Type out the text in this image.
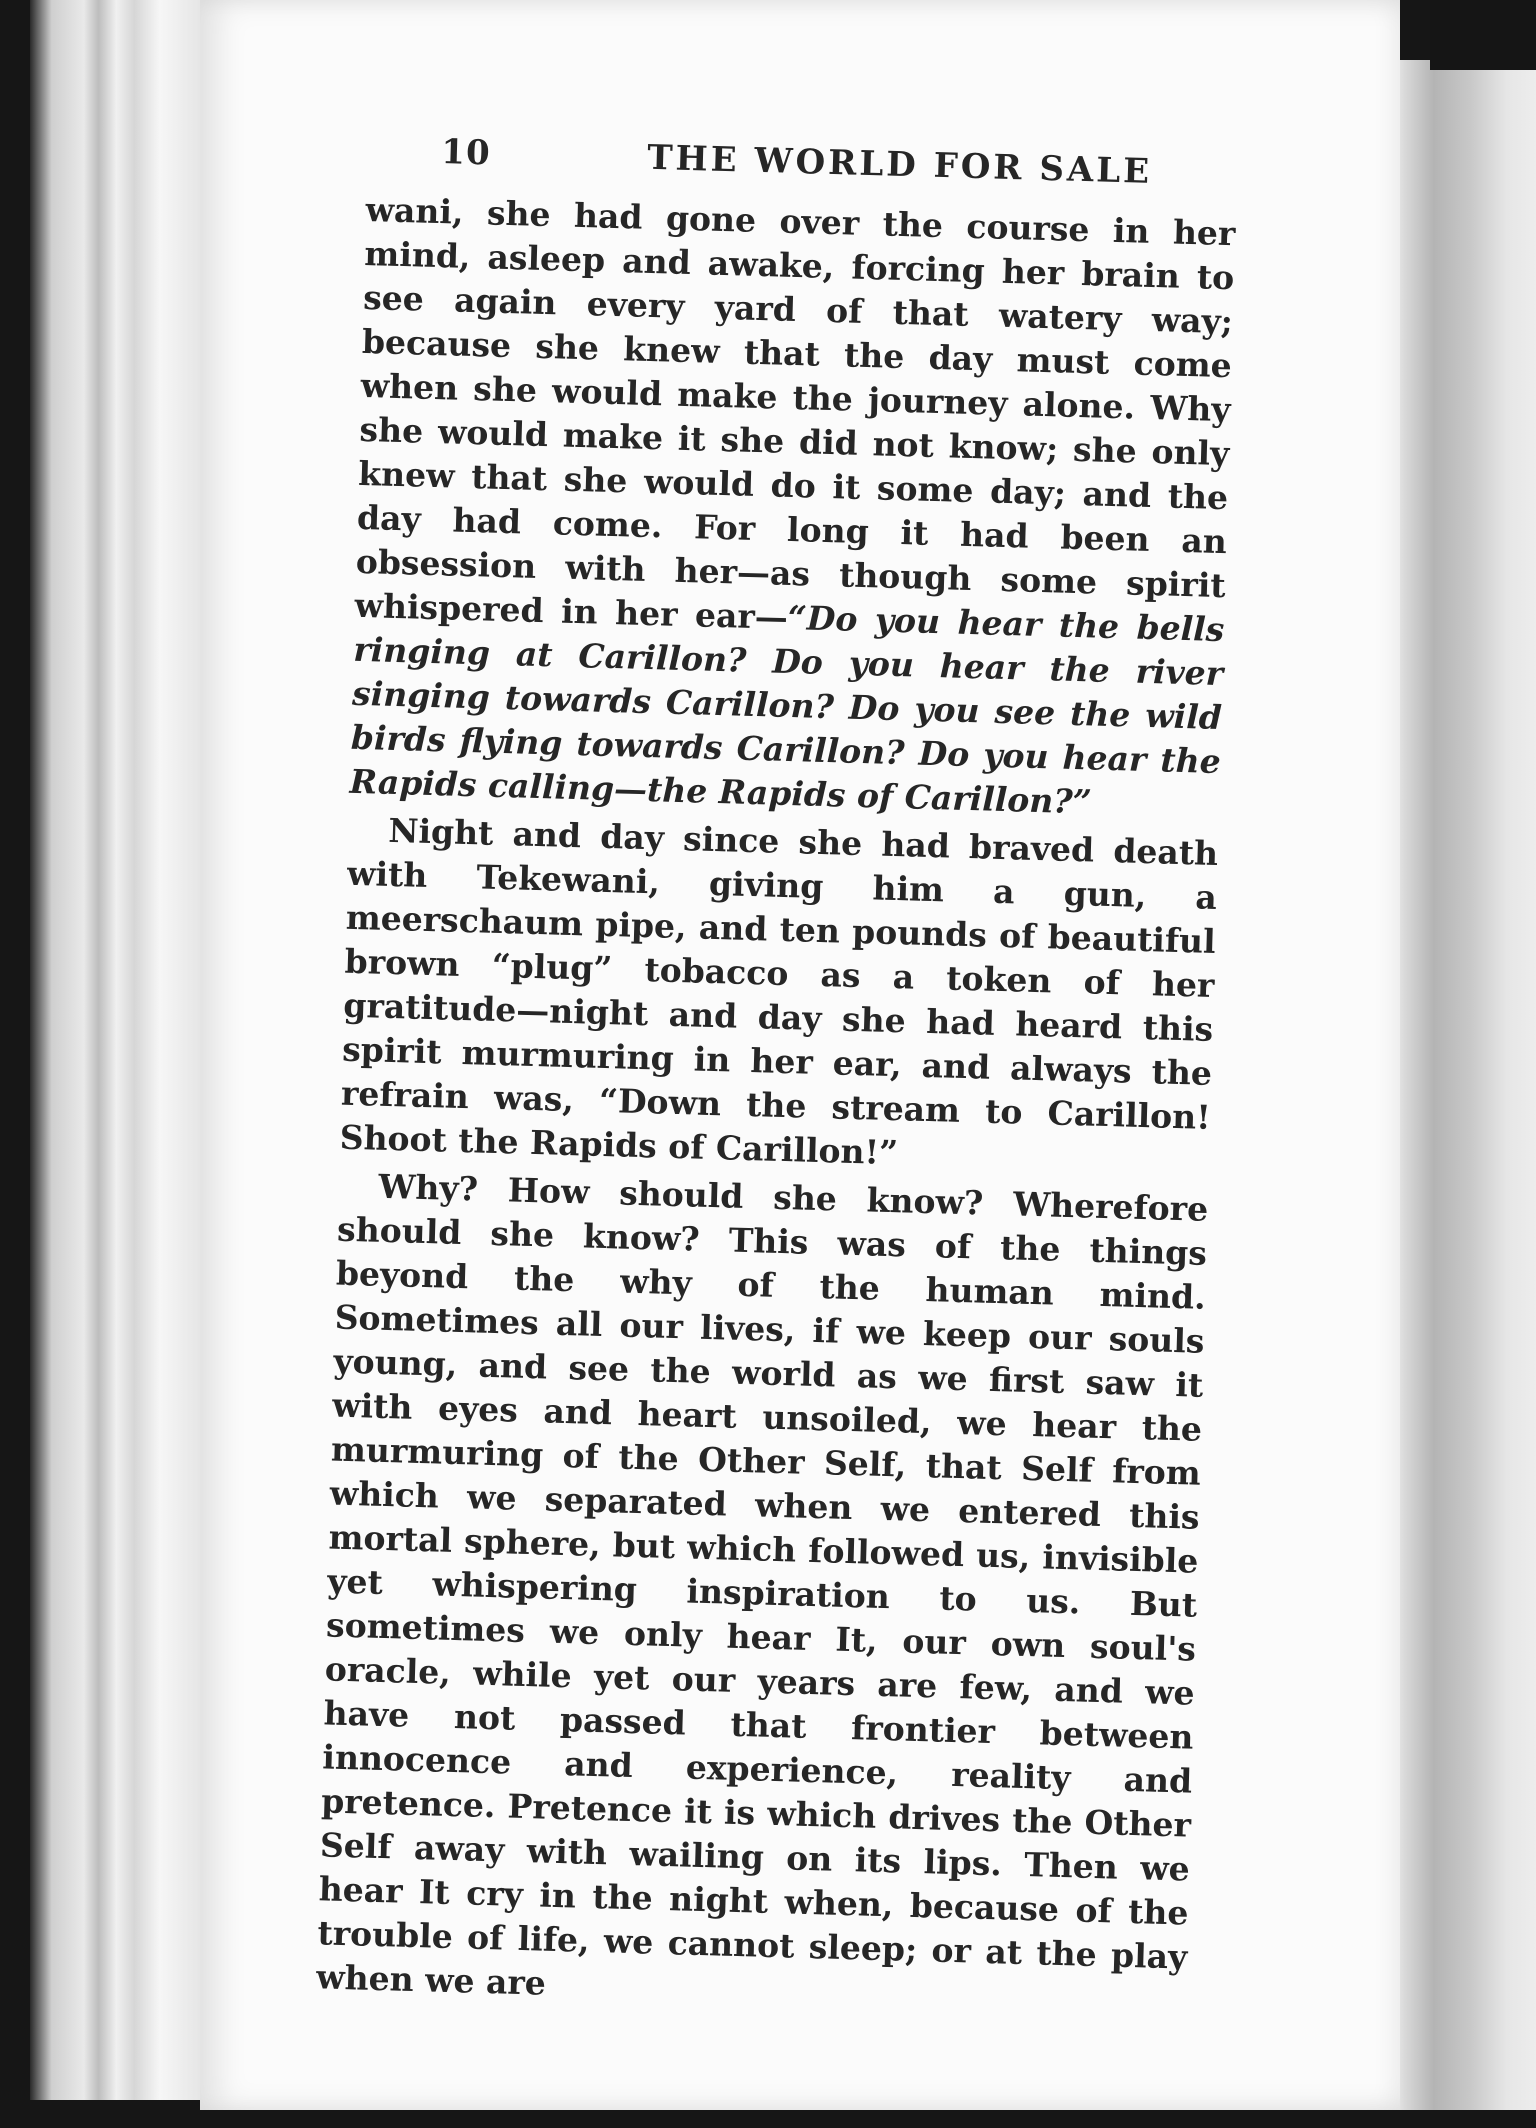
10	THE WORLD FOR SALE

wani, she had gone over the course in her mind, asleep and awake, forcing her brain to see again every yard of that watery way; because she knew that the day must come when she would make the journey alone. Why she would make it she did not know; she only knew that she would do it some day; and the day had come. For long it had been an obsession with her—as though some spirit whispered in her ear—“Do you hear the bells ringing at Carillon? Do you hear the river singing towards Carillon? Do you see the wild birds flying towards Carillon? Do you hear the Rapids calling—the Rapids of Carillon?”

Night and day since she had braved death with Tekewani, giving him a gun, a meerschaum pipe, and ten pounds of beautiful brown “plug” tobacco as a token of her gratitude—night and day she had heard this spirit murmuring in her ear, and always the refrain was, “Down the stream to Carillon! Shoot the Rapids of Carillon!”

Why? How should she know? Wherefore should she know? This was of the things beyond the why of the human mind. Sometimes all our lives, if we keep our souls young, and see the world as we first saw it with eyes and heart unsoiled, we hear the murmuring of the Other Self, that Self from which we separated when we entered this mortal sphere, but which followed us, invisible yet whispering inspiration to us. But sometimes we only hear It, our own soul's oracle, while yet our years are few, and we have not passed that frontier between innocence and experience, reality and pretence. Pretence it is which drives the Other Self away with wailing on its lips. Then we hear It cry in the night when, because of the trouble of life, we cannot sleep; or at the play when we are
